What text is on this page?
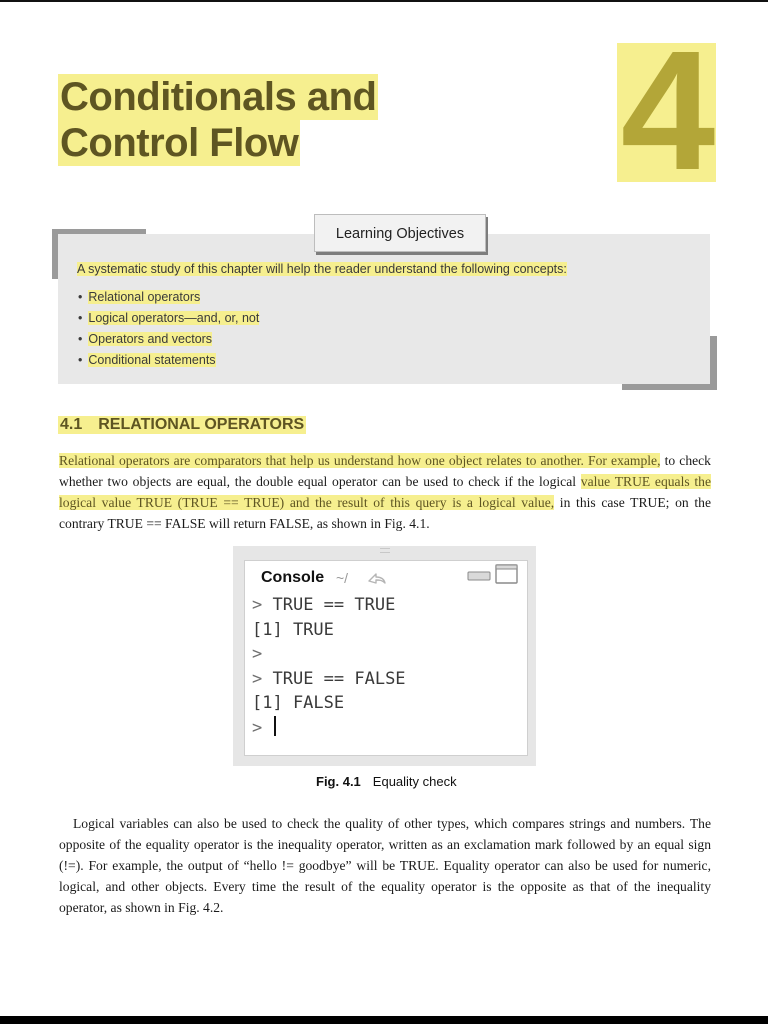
Conditionals and
Control Flow	4
Learning Objectives

A systematic study of this chapter will help the reader understand the following concepts:

• Relational operators
• Logical operators—and, or, not
• Operators and vectors
• Conditional statements
4.1 RELATIONAL OPERATORS

Relational operators are comparators that help us understand how one object relates to another. For example, to check whether two objects are equal, the double equal operator can be used to check if the logical value TRUE equals the logical value TRUE (TRUE == TRUE) and the result of this query is a logical value, in this case TRUE; on the contrary TRUE == FALSE will return FALSE, as shown in Fig. 4.1.

Console ~/
> TRUE == TRUE
[1] TRUE
>
> TRUE == FALSE
[1] FALSE
>

Fig. 4.1 Equality check

Logical variables can also be used to check the quality of other types, which compares strings and numbers. The opposite of the equality operator is the inequality operator, written as an exclamation mark followed by an equal sign (!=). For example, the output of “hello != goodbye” will be TRUE. Equality operator can also be used for numeric, logical, and other objects. Every time the result of the equality operator is the opposite as that of the inequality operator, as shown in Fig. 4.2.
